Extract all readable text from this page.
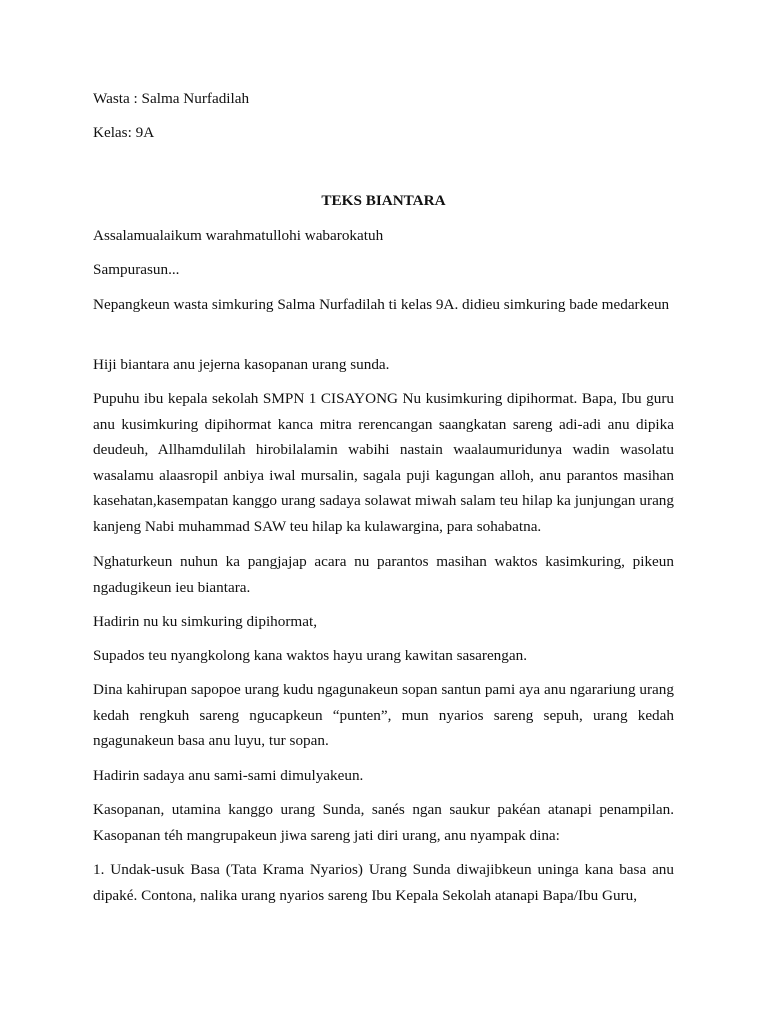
Wasta : Salma Nurfadilah

Kelas: 9A

TEKS BIANTARA

Assalamualaikum warahmatullohi wabarokatuh

Sampurasun...

Nepangkeun wasta simkuring Salma Nurfadilah ti kelas 9A. didieu simkuring bade medarkeun

Hiji biantara anu jejerna kasopanan urang sunda.

Pupuhu ibu kepala sekolah SMPN 1 CISAYONG Nu kusimkuring dipihormat. Bapa, Ibu guru anu kusimkuring dipihormat kanca mitra rerencangan saangkatan sareng adi-adi anu dipika deudeuh, Allhamdulilah hirobilalamin wabihi nastain waalaumuridunya wadin wasolatu wasalamu alaasropil anbiya iwal mursalin, sagala puji kagungan alloh, anu parantos masihan kasehatan,kasempatan kanggo urang sadaya solawat miwah salam teu hilap ka junjungan urang kanjeng Nabi muhammad SAW teu hilap ka kulawargina, para sohabatna.

Nghaturkeun nuhun ka pangjajap acara nu parantos masihan waktos kasimkuring, pikeun ngadugikeun ieu biantara.

Hadirin nu ku simkuring dipihormat,

Supados teu nyangkolong kana waktos hayu urang kawitan sasarengan.

Dina kahirupan sapopoe urang kudu ngagunakeun sopan santun pami aya anu ngarariung urang kedah rengkuh sareng ngucapkeun “punten”, mun nyarios sareng sepuh, urang kedah ngagunakeun basa anu luyu, tur sopan.

Hadirin sadaya anu sami-sami dimulyakeun.

Kasopanan, utamina kanggo urang Sunda, sanés ngan saukur pakéan atanapi penampilan. Kasopanan téh mangrupakeun jiwa sareng jati diri urang, anu nyampak dina:

1. Undak-usuk Basa (Tata Krama Nyarios) Urang Sunda diwajibkeun uninga kana basa anu dipaké. Contona, nalika urang nyarios sareng Ibu Kepala Sekolah atanapi Bapa/Ibu Guru,
